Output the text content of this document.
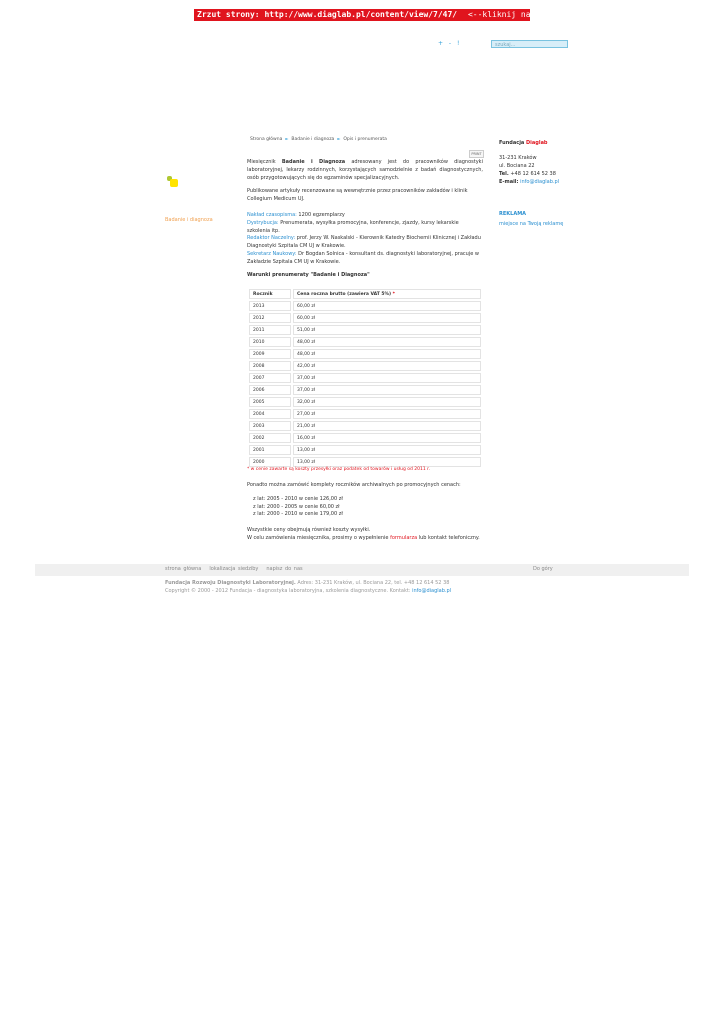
Zrzut strony: http://www.diaglab.pl/content/view/7/47/ <--kliknij na adresie
+ - !	szukaj...
Strona główna ► Badanie i diagnoza ► Opis i prenumerata
PRINT
Badanie i diagnoza
Miesięcznik Badanie i Diagnoza adresowany jest do pracowników diagnostyki laboratoryjnej, lekarzy rodzinnych, korzystających samodzielnie z badań diagnostycznych, osób przygotowujących się do egzaminów specjalizacyjnych.
Publikowane artykuły recenzowane są wewnętrznie przez pracowników zakładów i klinik Collegium Medicum UJ.
Nakład czasopisma: 1200 egzemplarzy
Dystrybucja: Prenumerata, wysyłka promocyjna, konferencje, zjazdy, kursy lekarskie szkolenia itp.
Redaktor Naczelny: prof. Jerzy W. Naskalski - Kierownik Katedry Biochemii Klinicznej i Zakładu Diagnostyki Szpitala CM UJ w Krakowie.
Sekretarz Naukowy: Dr Bogdan Solnica - konsultant ds. diagnostyki laboratoryjnej, pracuje w Zakładzie Szpitala CM UJ w Krakowie.
Warunki prenumeraty "Badanie i Diagnoza"
Rocznik	Cena roczna brutto (zawiera VAT 5%) *
2013	60,00 zł
2012	60,00 zł
2011	51,00 zł
2010	48,00 zł
2009	48,00 zł
2008	42,00 zł
2007	37,00 zł
2006	37,00 zł
2005	32,00 zł
2004	27,00 zł
2003	21,00 zł
2002	16,00 zł
2001	13,00 zł
2000	13,00 zł
* w cenie zawarte są koszty przesyłki oraz podatek od towarów i usług od 2011 r.
Ponadto można zamówić komplety roczników archiwalnych po promocyjnych cenach:
z lat: 2005 - 2010 w cenie 126,00 zł
z lat: 2000 - 2005 w cenie 60,00 zł
z lat: 2000 - 2010 w cenie 179,00 zł
Wszystkie ceny obejmują również koszty wysyłki.
W celu zamówienia miesięcznika, prosimy o wypełnienie formularza lub kontakt telefoniczny.
Fundacja Diaglab
31-231 Kraków
ul. Bociana 22
Tel. +48 12 614 52 38
E-mail: info@diaglab.pl
REKLAMA
miejsce na Twoją reklamę
strona główna lokalizacja siedziby napisz do nas	Do góry
Fundacja Rozwoju Diagnostyki Laboratoryjnej. Adres: 31-231 Kraków, ul. Bociana 22, tel. +48 12 614 52 38
Copyright © 2000 - 2012 Fundacja - diagnostyka laboratoryjna, szkolenia diagnostyczne. Kontakt: info@diaglab.pl
